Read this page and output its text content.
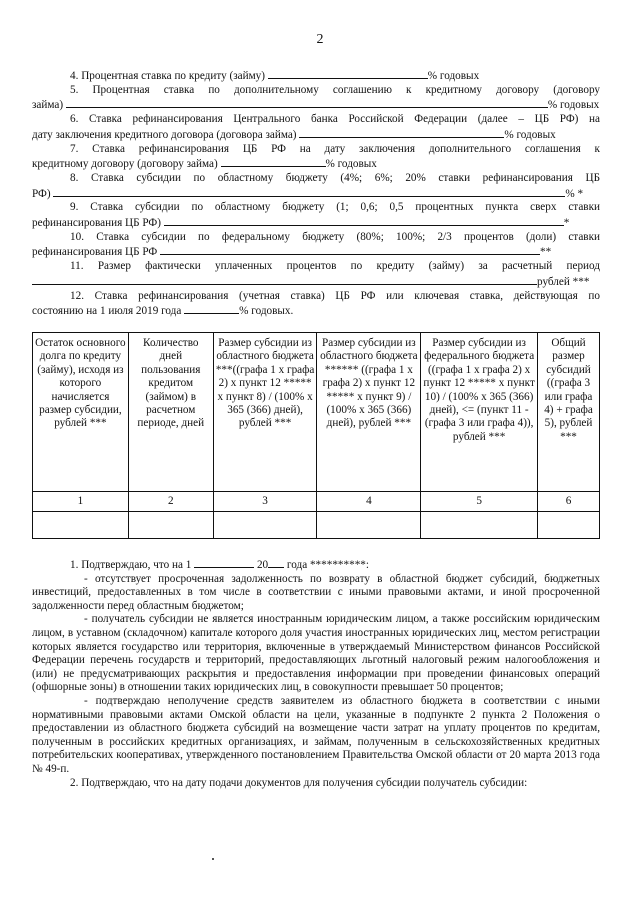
2
4. Процентная ставка по кредиту (займу)	% годовых
5. Процентная ставка по дополнительному соглашению к кредитному договору (договору
займа)	% годовых
6. Ставка рефинансирования Центрального банка Российской Федерации (далее – ЦБ РФ) на
дату заключения кредитного договора (договора займа)	% годовых
7. Ставка рефинансирования ЦБ РФ на дату заключения дополнительного соглашения к
кредитному договору (договору займа)	% годовых
8. Ставка субсидии по областному бюджету (4%; 6%; 20% ставки рефинансирования ЦБ
РФ)	% *
9. Ставка субсидии по областному бюджету (1; 0,6; 0,5 процентных пункта сверх ставки
рефинансирования ЦБ РФ)	*
10. Ставка субсидии по федеральному бюджету (80%; 100%; 2/3 процентов (доли) ставки
рефинансирования ЦБ РФ	**
11. Размер фактически уплаченных процентов по кредиту (займу) за расчетный период
рублей ***
12. Ставка рефинансирования (учетная ставка) ЦБ РФ или ключевая ставка, действующая по
состоянию на 1 июля 2019 года	% годовых.
Остаток основного долга по кредиту (займу), исходя из которого начисляется размер субсидии, рублей ***	Количество дней пользования кредитом (займом) в расчетном периоде, дней	Размер субсидии из областного бюджета ***((графа 1 х графа 2) х пункт 12 ***** х пункт 8) / (100% х 365 (366) дней), рублей ***	Размер субсидии из областного бюджета ****** ((графа 1 х графа 2) х пункт 12 ***** х пункт 9) / (100% х 365 (366) дней), рублей ***	Размер субсидии из федерального бюджета ((графа 1 х графа 2) х пункт 12 ***** х пункт 10) / (100% х 365 (366) дней), <= (пункт 11 - (графа 3 или графа 4)), рублей ***	Общий размер субсидий ((графа 3 или графа 4) + графа 5), рублей ***
1	2	3	4	5	6

1. Подтверждаю, что на 1	20 года **********:

- отсутствует просроченная задолженность по возврату в областной бюджет субсидий, бюджетных инвестиций, предоставленных в том числе в соответствии с иными правовыми актами, и иной просроченной задолженности перед областным бюджетом;

- получатель субсидии не является иностранным юридическим лицом, а также российским юридическим лицом, в уставном (складочном) капитале которого доля участия иностранных юридических лиц, местом регистрации которых является государство или территория, включенные в утверждаемый Министерством финансов Российской Федерации перечень государств и территорий, предоставляющих льготный налоговый режим налогообложения и (или) не предусматривающих раскрытия и предоставления информации при проведении финансовых операций (офшорные зоны) в отношении таких юридических лиц, в совокупности превышает 50 процентов;

- подтверждаю неполучение средств заявителем из областного бюджета в соответствии с иными нормативными правовыми актами Омской области на цели, указанные в подпункте 2 пункта 2 Положения о предоставлении из областного бюджета субсидий на возмещение части затрат на уплату процентов по кредитам, полученным в российских кредитных организациях, и займам, полученным в сельскохозяйственных кредитных потребительских кооперативах, утвержденного постановлением Правительства Омской области от 20 марта 2013 года № 49-п.

2. Подтверждаю, что на дату подачи документов для получения субсидии получатель субсидии:
